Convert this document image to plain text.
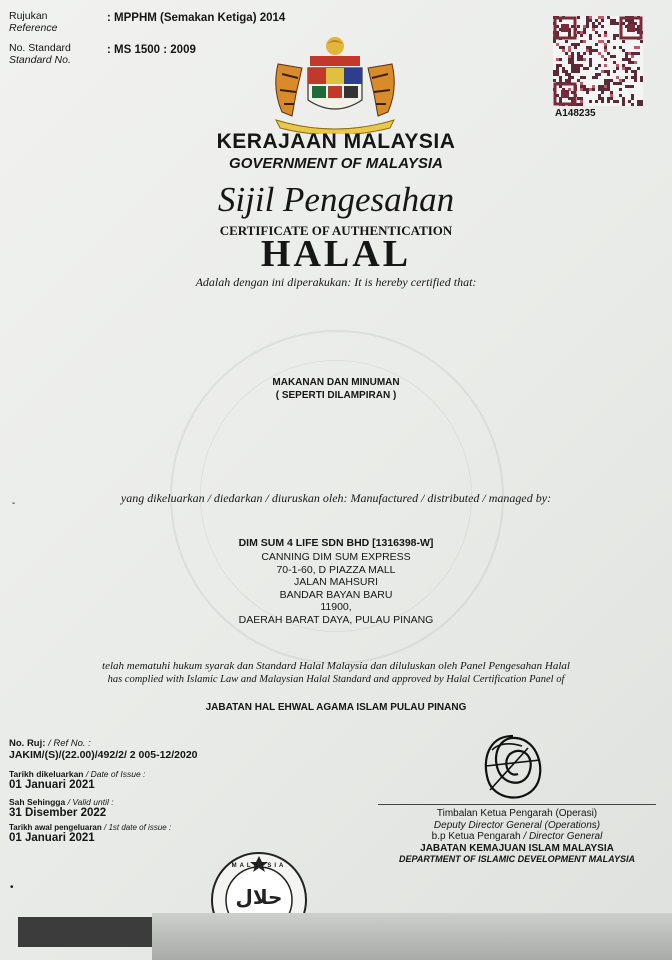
Rujukan
Reference
: MPPHM (Semakan Ketiga) 2014
No. Standard
Standard No.
: MS 1500 : 2009
A148235
KERAJAAN MALAYSIA
GOVERNMENT OF MALAYSIA
Sijil Pengesahan
CERTIFICATE OF AUTHENTICATION
HALAL
Adalah dengan ini diperakukan: It is hereby certified that:
MAKANAN DAN MINUMAN
( SEPERTI DILAMPIRAN )
yang dikeluarkan / diedarkan / diuruskan oleh: Manufactured / distributed / managed by:
DIM SUM 4 LIFE SDN BHD [1316398-W]
CANNING DIM SUM EXPRESS
70-1-60, D PIAZZA MALL
JALAN MAHSURI
BANDAR BAYAN BARU
11900,
DAERAH BARAT DAYA, PULAU PINANG
telah mematuhi hukum syarak dan Standard Halal Malaysia dan diluluskan oleh Panel Pengesahan Halal
has complied with Islamic Law and Malaysian Halal Standard and approved by Halal Certification Panel of
JABATAN HAL EHWAL AGAMA ISLAM PULAU PINANG
No. Ruj: / Ref No. :
JAKIM/(S)/(22.00)/492/2/ 2 005-12/2020
Tarikh dikeluarkan / Date of Issue :
01 Januari 2021
Sah Sehingga / Valid until :
31 Disember 2022
Tarikh awal pengeluaran / 1st date of issue :
01 Januari 2021
Timbalan Ketua Pengarah (Operasi)
Deputy Director General (Operations)
b.p Ketua Pengarah / Director General
JABATAN KEMAJUAN ISLAM MALAYSIA
DEPARTMENT OF ISLAMIC DEVELOPMENT MALAYSIA
حلال
MALAYSIA
-
•
